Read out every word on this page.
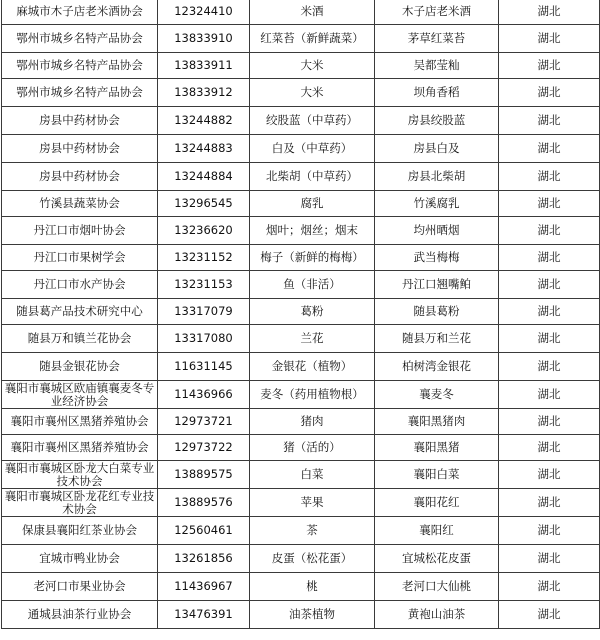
麻城市木子店老米酒协会	12324410	米酒	木子店老米酒	湖北
鄂州市城乡名特产品协会	13833910	红菜苔（新鲜蔬菜）	茅草红菜苔	湖北
鄂州市城乡名特产品协会	13833911	大米	吴都莹籼	湖北
鄂州市城乡名特产品协会	13833912	大米	坝角香稻	湖北
房县中药材协会	13244882	绞股蓝（中草药）	房县绞股蓝	湖北
房县中药材协会	13244883	白及（中草药）	房县白及	湖北
房县中药材协会	13244884	北柴胡（中草药）	房县北柴胡	湖北
竹溪县蔬菜协会	13296545	腐乳	竹溪腐乳	湖北
丹江口市烟叶协会	13236620	烟叶；烟丝；烟末	均州晒烟	湖北
丹江口市果树学会	13231152	梅子（新鲜的梅梅）	武当梅梅	湖北
丹江口市水产协会	13231153	鱼（非活）	丹江口翘嘴鲌	湖北
随县葛产品技术研究中心	13317079	葛粉	随县葛粉	湖北
随县万和镇兰花协会	13317080	兰花	随县万和兰花	湖北
随县金银花协会	11631145	金银花（植物）	柏树湾金银花	湖北
襄阳市襄城区欧庙镇襄麦冬专业经济协会	11436966	麦冬（药用植物根）	襄麦冬	湖北
襄阳市襄州区黑猪养殖协会	12973721	猪肉	襄阳黑猪肉	湖北
襄阳市襄州区黑猪养殖协会	12973722	猪（活的）	襄阳黑猪	湖北
襄阳市襄城区卧龙大白菜专业技术协会	13889575	白菜	襄阳白菜	湖北
襄阳市襄城区卧龙花红专业技术协会	13889576	苹果	襄阳花红	湖北
保康县襄阳红茶业协会	12560461	茶	襄阳红	湖北
宜城市鸭业协会	13261856	皮蛋（松花蛋）	宜城松花皮蛋	湖北
老河口市果业协会	11436967	桃	老河口大仙桃	湖北
通城县油茶行业协会	13476391	油茶植物	黄袍山油茶	湖北
